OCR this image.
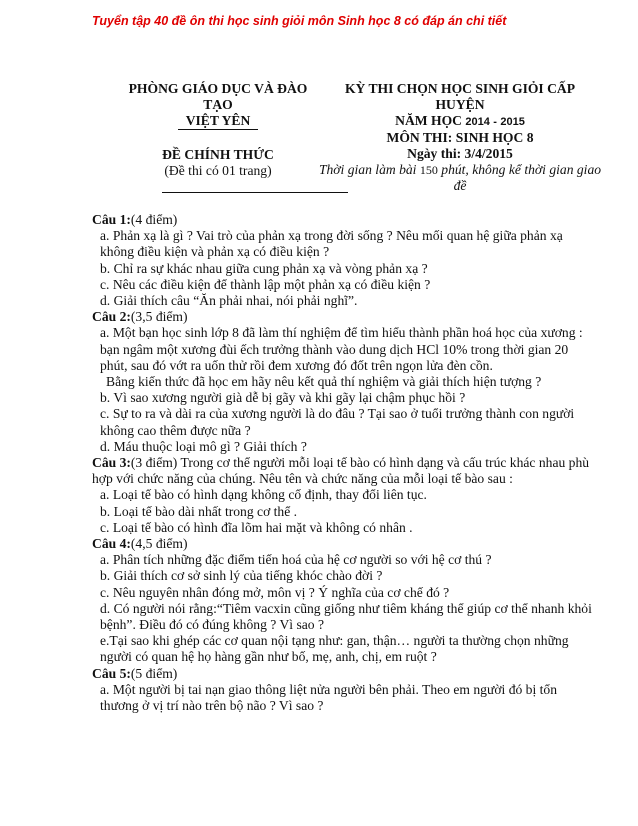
Tuyển tập 40 đề ôn thi học sinh giỏi môn Sinh học 8 có đáp án chi tiết
PHÒNG GIÁO DỤC VÀ ĐÀO
TẠO
VIỆT YÊN
ĐỀ CHÍNH THỨC
(Đề thi có 01 trang)
KỲ THI CHỌN HỌC SINH GIỎI CẤP
HUYỆN
NĂM HỌC 2014 - 2015
MÔN THI: SINH HỌC 8
Ngày thi: 3/4/2015
Thời gian làm bài 150 phút, không kể thời gian giao đề

Câu 1:(4 điểm)

a. Phản xạ là gì ? Vai trò của phản xạ trong đời sống ? Nêu mối quan hệ giữa phản xạ không điều kiện và phản xạ có điều kiện ?

b. Chỉ ra sự khác nhau giữa cung phản xạ và vòng phản xạ ?

c. Nêu các điều kiện để thành lập một phản xạ có điều kiện ?

d. Giải thích câu “Ăn phải nhai, nói phải nghĩ”.

Câu 2:(3,5 điểm)

a. Một bạn học sinh lớp 8 đã làm thí nghiệm để tìm hiểu thành phần hoá học của xương : bạn ngâm một xương đùi ếch trưởng thành vào dung dịch HCl 10% trong thời gian 20 phút, sau đó vớt ra uốn thử rồi đem xương đó đốt trên ngọn lửa đèn cồn.

Bằng kiến thức đã học em hãy nêu kết quả thí nghiệm và giải thích hiện tượng ?

b. Vì sao xương người già dễ bị gãy và khi gãy lại chậm phục hồi ?

c. Sự to ra và dài ra của xương người là do đâu ? Tại sao ở tuổi trưởng thành con người không cao thêm được nữa ?

d. Máu thuộc loại mô gì ? Giải thích ?

Câu 3:(3 điểm) Trong cơ thể người mỗi loại tế bào có hình dạng và cấu trúc khác nhau phù hợp với chức năng của chúng. Nêu tên và chức năng của mỗi loại tế bào sau :

a. Loại tế bào có hình dạng không cố định, thay đổi liên tục.

b. Loại tế bào dài nhất trong cơ thể .

c. Loại tế bào có hình đĩa lõm hai mặt và không có nhân .

Câu 4:(4,5 điểm)

a. Phân tích những đặc điểm tiến hoá của hệ cơ người so với hệ cơ thú ?

b. Giải thích cơ sở sinh lý của tiếng khóc chào đời ?

c. Nêu nguyên nhân đóng mở, môn vị ? Ý nghĩa của cơ chế đó ?

d. Có người nói rằng:“Tiêm vacxin cũng giống như tiêm kháng thể giúp cơ thể nhanh khỏi bệnh”. Điều đó có đúng không ? Vì sao ?

e.Tại sao khi ghép các cơ quan nội tạng như: gan, thận… người ta thường chọn những người có quan hệ họ hàng gần như bố, mẹ, anh, chị, em ruột ?

Câu 5:(5 điểm)

a. Một người bị tai nạn giao thông liệt nửa người bên phải. Theo em người đó bị tổn thương ở vị trí nào trên bộ não ? Vì sao ?
